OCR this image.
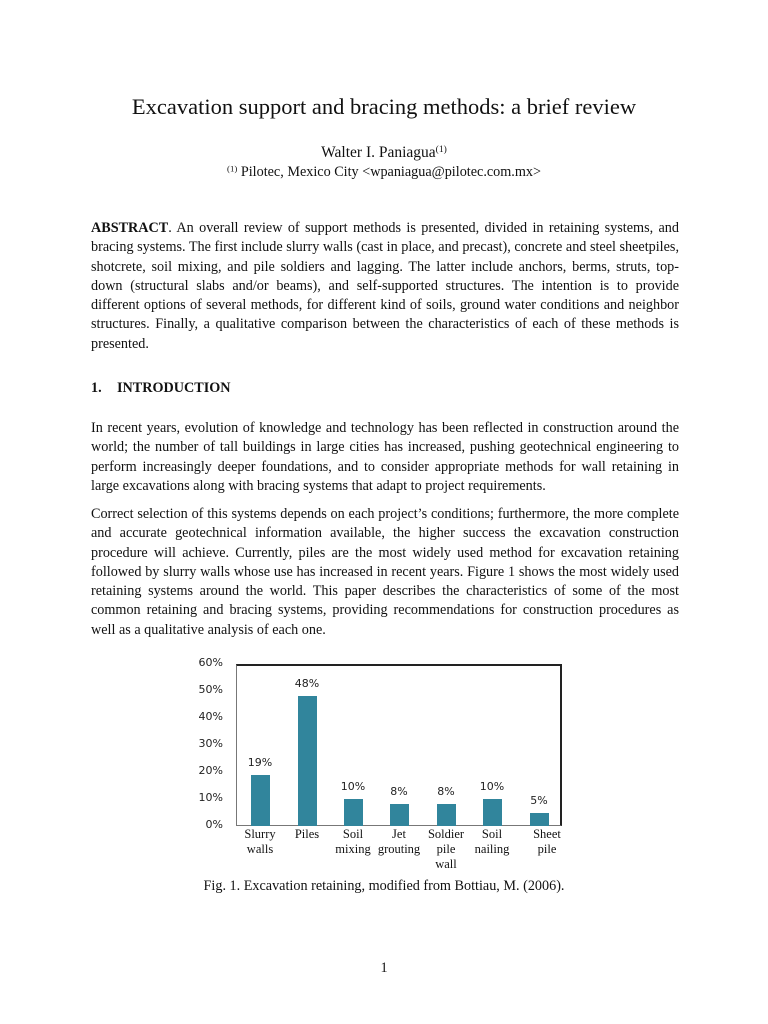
Excavation support and bracing methods: a brief review
Walter I. Paniagua$^{(1)}$
$^{(1)}$ Pilotec, Mexico City <wpaniagua@pilotec.com.mx>
ABSTRACT. An overall review of support methods is presented, divided in retaining systems, and bracing systems. The first include slurry walls (cast in place, and precast), concrete and steel sheetpiles, shotcrete, soil mixing, and pile soldiers and lagging. The latter include anchors, berms, struts, top-down (structural slabs and/or beams), and self-supported structures. The intention is to provide different options of several methods, for different kind of soils, ground water conditions and neighbor structures. Finally, a qualitative comparison between the characteristics of each of these methods is presented.
1. INTRODUCTION
In recent years, evolution of knowledge and technology has been reflected in construction around the world; the number of tall buildings in large cities has increased, pushing geotechnical engineering to perform increasingly deeper foundations, and to consider appropriate methods for wall retaining in large excavations along with bracing systems that adapt to project requirements.
Correct selection of this systems depends on each project’s conditions; furthermore, the more complete and accurate geotechnical information available, the higher success the excavation construction procedure will achieve. Currently, piles are the most widely used method for excavation retaining followed by slurry walls whose use has increased in recent years. Figure 1 shows the most widely used retaining systems around the world. This paper describes the characteristics of some of the most common retaining and bracing systems, providing recommendations for construction procedures as well as a qualitative analysis of each one.
0%
10%
20%
30%
40%
50%
60%
19%
48%
10%	8%	8%	10%
5%
Slurry
walls
Piles	Soil
mixing
Jet
grouting
Soldier
pile
wall
Soil
nailing
Sheet
pile
Fig. 1. Excavation retaining, modified from Bottiau, M. (2006).
1
